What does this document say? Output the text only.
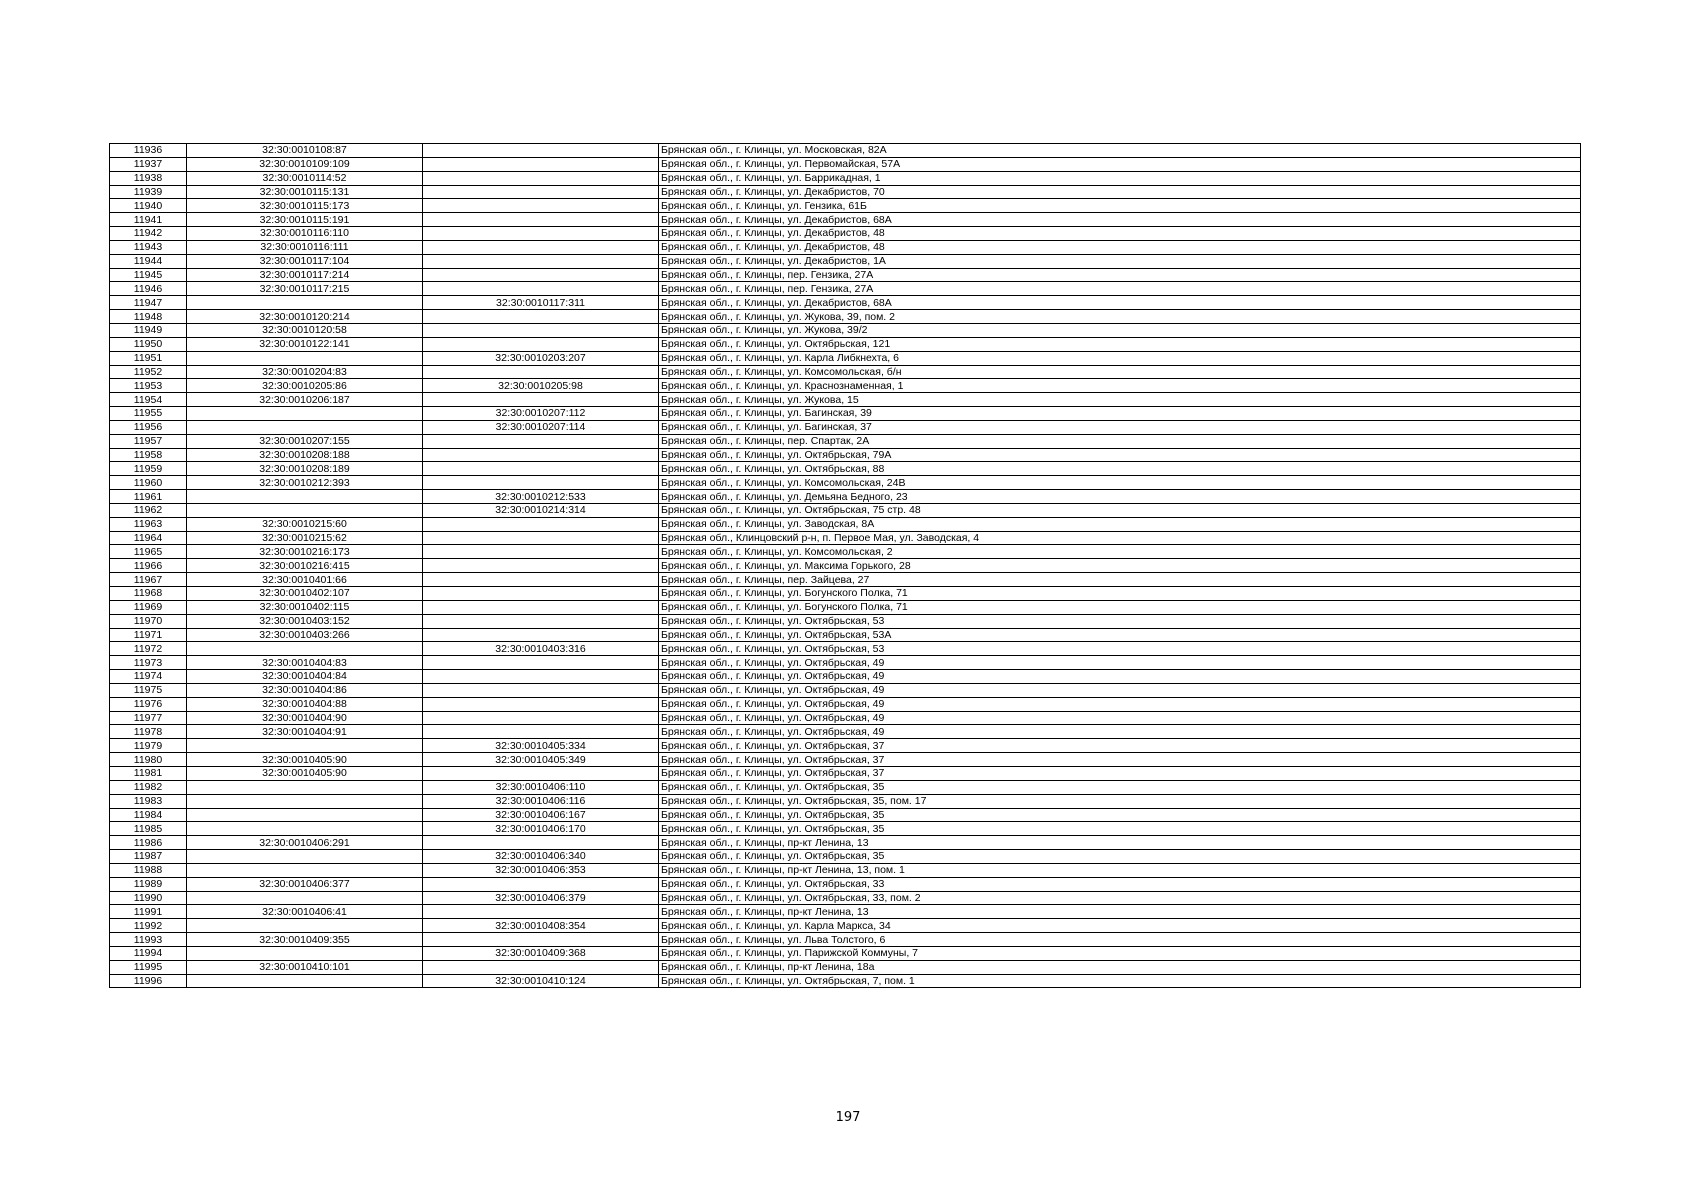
11936	32:30:0010108:87		Брянская обл., г. Клинцы, ул. Московская, 82А
11937	32:30:0010109:109		Брянская обл., г. Клинцы, ул. Первомайская, 57А
11938	32:30:0010114:52		Брянская обл., г. Клинцы, ул. Баррикадная, 1
11939	32:30:0010115:131		Брянская обл., г. Клинцы, ул. Декабристов, 70
11940	32:30:0010115:173		Брянская обл., г. Клинцы, ул. Гензика, 61Б
11941	32:30:0010115:191		Брянская обл., г. Клинцы, ул. Декабристов, 68А
11942	32:30:0010116:110		Брянская обл., г. Клинцы, ул. Декабристов, 48
11943	32:30:0010116:111		Брянская обл., г. Клинцы, ул. Декабристов, 48
11944	32:30:0010117:104		Брянская обл., г. Клинцы, ул. Декабристов, 1А
11945	32:30:0010117:214		Брянская обл., г. Клинцы, пер. Гензика, 27А
11946	32:30:0010117:215		Брянская обл., г. Клинцы, пер. Гензика, 27А
11947		32:30:0010117:311	Брянская обл., г. Клинцы, ул. Декабристов, 68А
11948	32:30:0010120:214		Брянская обл., г. Клинцы, ул. Жукова, 39, пом. 2
11949	32:30:0010120:58		Брянская обл., г. Клинцы, ул. Жукова, 39/2
11950	32:30:0010122:141		Брянская обл., г. Клинцы, ул. Октябрьская, 121
11951		32:30:0010203:207	Брянская обл., г. Клинцы, ул. Карла Либкнехта, 6
11952	32:30:0010204:83		Брянская обл., г. Клинцы, ул. Комсомольская, б/н
11953	32:30:0010205:86	32:30:0010205:98	Брянская обл., г. Клинцы, ул. Краснознаменная, 1
11954	32:30:0010206:187		Брянская обл., г. Клинцы, ул. Жукова, 15
11955		32:30:0010207:112	Брянская обл., г. Клинцы, ул. Багинская, 39
11956		32:30:0010207:114	Брянская обл., г. Клинцы, ул. Багинская, 37
11957	32:30:0010207:155		Брянская обл., г. Клинцы, пер. Спартак, 2А
11958	32:30:0010208:188		Брянская обл., г. Клинцы, ул. Октябрьская, 79А
11959	32:30:0010208:189		Брянская обл., г. Клинцы, ул. Октябрьская, 88
11960	32:30:0010212:393		Брянская обл., г. Клинцы, ул. Комсомольская, 24В
11961		32:30:0010212:533	Брянская обл., г. Клинцы, ул. Демьяна Бедного, 23
11962		32:30:0010214:314	Брянская обл., г. Клинцы, ул. Октябрьская, 75 стр. 48
11963	32:30:0010215:60		Брянская обл., г. Клинцы, ул. Заводская, 8А
11964	32:30:0010215:62		Брянская обл., Клинцовский р-н, п. Первое Мая, ул. Заводская, 4
11965	32:30:0010216:173		Брянская обл., г. Клинцы, ул. Комсомольская, 2
11966	32:30:0010216:415		Брянская обл., г. Клинцы, ул. Максима Горького, 28
11967	32:30:0010401:66		Брянская обл., г. Клинцы, пер. Зайцева, 27
11968	32:30:0010402:107		Брянская обл., г. Клинцы, ул. Богунского Полка, 71
11969	32:30:0010402:115		Брянская обл., г. Клинцы, ул. Богунского Полка, 71
11970	32:30:0010403:152		Брянская обл., г. Клинцы, ул. Октябрьская, 53
11971	32:30:0010403:266		Брянская обл., г. Клинцы, ул. Октябрьская, 53А
11972		32:30:0010403:316	Брянская обл., г. Клинцы, ул. Октябрьская, 53
11973	32:30:0010404:83		Брянская обл., г. Клинцы, ул. Октябрьская, 49
11974	32:30:0010404:84		Брянская обл., г. Клинцы, ул. Октябрьская, 49
11975	32:30:0010404:86		Брянская обл., г. Клинцы, ул. Октябрьская, 49
11976	32:30:0010404:88		Брянская обл., г. Клинцы, ул. Октябрьская, 49
11977	32:30:0010404:90		Брянская обл., г. Клинцы, ул. Октябрьская, 49
11978	32:30:0010404:91		Брянская обл., г. Клинцы, ул. Октябрьская, 49
11979		32:30:0010405:334	Брянская обл., г. Клинцы, ул. Октябрьская, 37
11980	32:30:0010405:90	32:30:0010405:349	Брянская обл., г. Клинцы, ул. Октябрьская, 37
11981	32:30:0010405:90		Брянская обл., г. Клинцы, ул. Октябрьская, 37
11982		32:30:0010406:110	Брянская обл., г. Клинцы, ул. Октябрьская, 35
11983		32:30:0010406:116	Брянская обл., г. Клинцы, ул. Октябрьская, 35, пом. 17
11984		32:30:0010406:167	Брянская обл., г. Клинцы, ул. Октябрьская, 35
11985		32:30:0010406:170	Брянская обл., г. Клинцы, ул. Октябрьская, 35
11986	32:30:0010406:291		Брянская обл., г. Клинцы, пр-кт Ленина, 13
11987		32:30:0010406:340	Брянская обл., г. Клинцы, ул. Октябрьская, 35
11988		32:30:0010406:353	Брянская обл., г. Клинцы, пр-кт Ленина, 13, пом. 1
11989	32:30:0010406:377		Брянская обл., г. Клинцы, ул. Октябрьская, 33
11990		32:30:0010406:379	Брянская обл., г. Клинцы, ул. Октябрьская, 33, пом. 2
11991	32:30:0010406:41		Брянская обл., г. Клинцы, пр-кт Ленина, 13
11992		32:30:0010408:354	Брянская обл., г. Клинцы, ул. Карла Маркса, 34
11993	32:30:0010409:355		Брянская обл., г. Клинцы, ул. Льва Толстого, 6
11994		32:30:0010409:368	Брянская обл., г. Клинцы, ул. Парижской Коммуны, 7
11995	32:30:0010410:101		Брянская обл., г. Клинцы, пр-кт Ленина, 18а
11996		32:30:0010410:124	Брянская обл., г. Клинцы, ул. Октябрьская, 7, пом. 1
197
